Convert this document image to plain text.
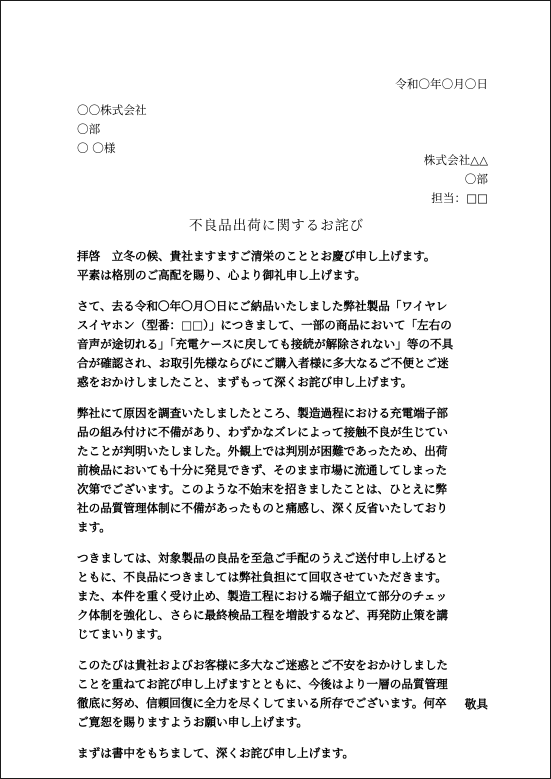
令和〇年〇月〇日
〇〇株式会社
〇部
〇 〇様
株式会社△△
〇部
担当：□□
不良品出荷に関するお詫び
拝啓　立冬の候、貴社ますますご清栄のこととお慶び申し上げます。
平素は格別のご高配を賜り、心より御礼申し上げます。
さて、去る令和〇年〇月〇日にご納品いたしました弊社製品「ワイヤレ
スイヤホン（型番：□□）」につきまして、一部の商品において「左右の
音声が途切れる」「充電ケースに戻しても接続が解除されない」等の不具
合が確認され、お取引先様ならびにご購入者様に多大なるご不便とご迷
惑をおかけしましたこと、まずもって深くお詫び申し上げます。
弊社にて原因を調査いたしましたところ、製造過程における充電端子部
品の組み付けに不備があり、わずかなズレによって接触不良が生じてい
たことが判明いたしました。外観上では判別が困難であったため、出荷
前検品においても十分に発見できず、そのまま市場に流通してしまった
次第でございます。このような不始末を招きましたことは、ひとえに弊
社の品質管理体制に不備があったものと痛感し、深く反省いたしており
ます。
つきましては、対象製品の良品を至急ご手配のうえご送付申し上げると
ともに、不良品につきましては弊社負担にて回収させていただきます。
また、本件を重く受け止め、製造工程における端子組立て部分のチェッ
ク体制を強化し、さらに最終検品工程を増設するなど、再発防止策を講
じてまいります。
このたびは貴社およびお客様に多大なご迷惑とご不安をおかけしました
ことを重ねてお詫び申し上げますとともに、今後はより一層の品質管理
徹底に努め、信頼回復に全力を尽くしてまいる所存でございます。何卒
ご寛恕を賜りますようお願い申し上げます。
まずは書中をもちまして、深くお詫び申し上げます。
敬具
